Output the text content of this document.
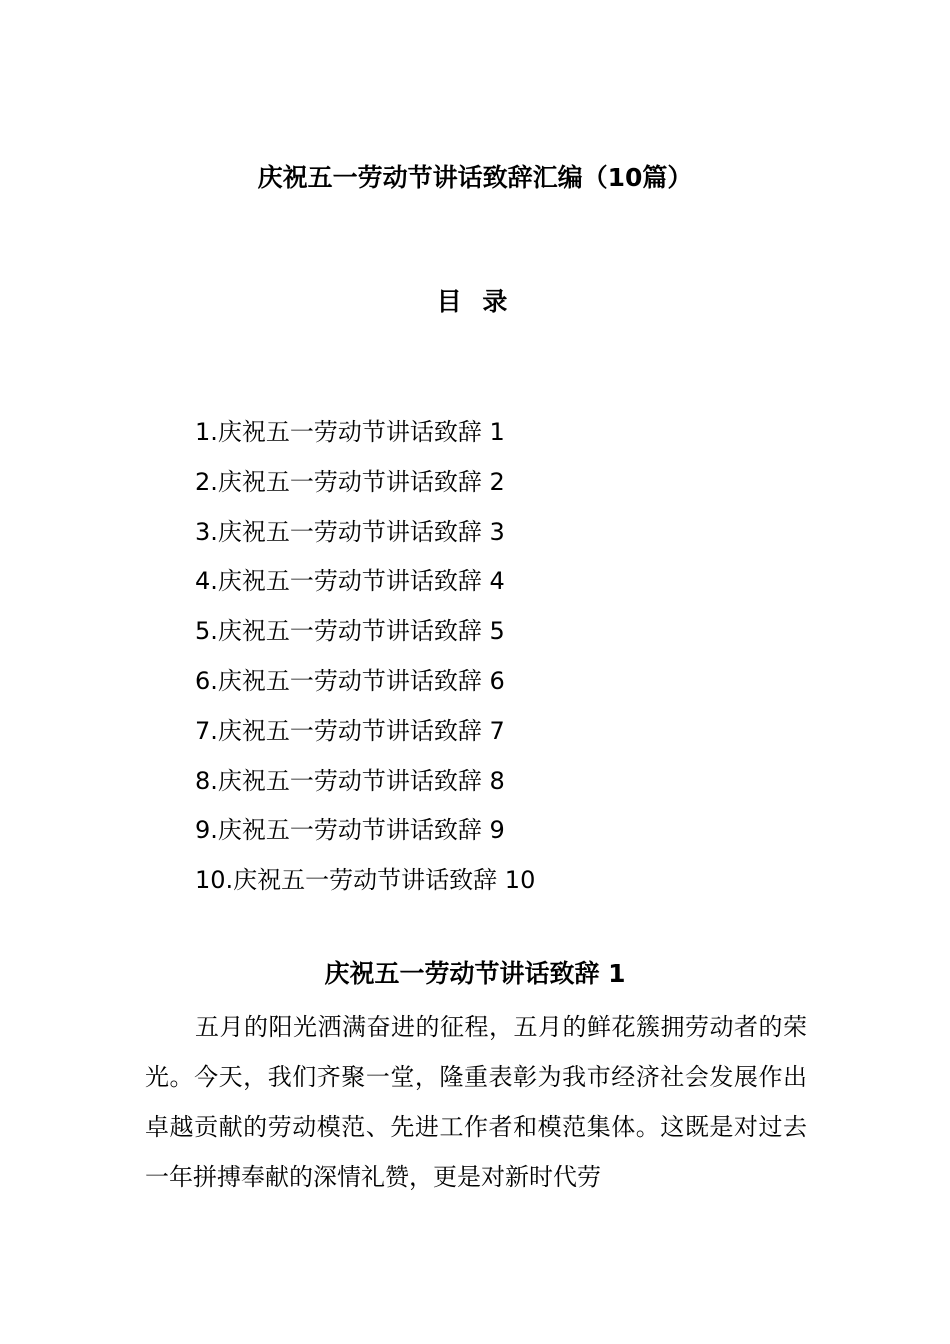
庆祝五一劳动节讲话致辞汇编（10篇）
目 录
1.庆祝五一劳动节讲话致辞 1
2.庆祝五一劳动节讲话致辞 2
3.庆祝五一劳动节讲话致辞 3
4.庆祝五一劳动节讲话致辞 4
5.庆祝五一劳动节讲话致辞 5
6.庆祝五一劳动节讲话致辞 6
7.庆祝五一劳动节讲话致辞 7
8.庆祝五一劳动节讲话致辞 8
9.庆祝五一劳动节讲话致辞 9
10.庆祝五一劳动节讲话致辞 10
庆祝五一劳动节讲话致辞 1

五月的阳光洒满奋进的征程，五月的鲜花簇拥劳动者的荣光。今天，我们齐聚一堂，隆重表彰为我市经济社会发展作出卓越贡献的劳动模范、先进工作者和模范集体。这既是对过去一年拼搏奉献的深情礼赞，更是对新时代劳
